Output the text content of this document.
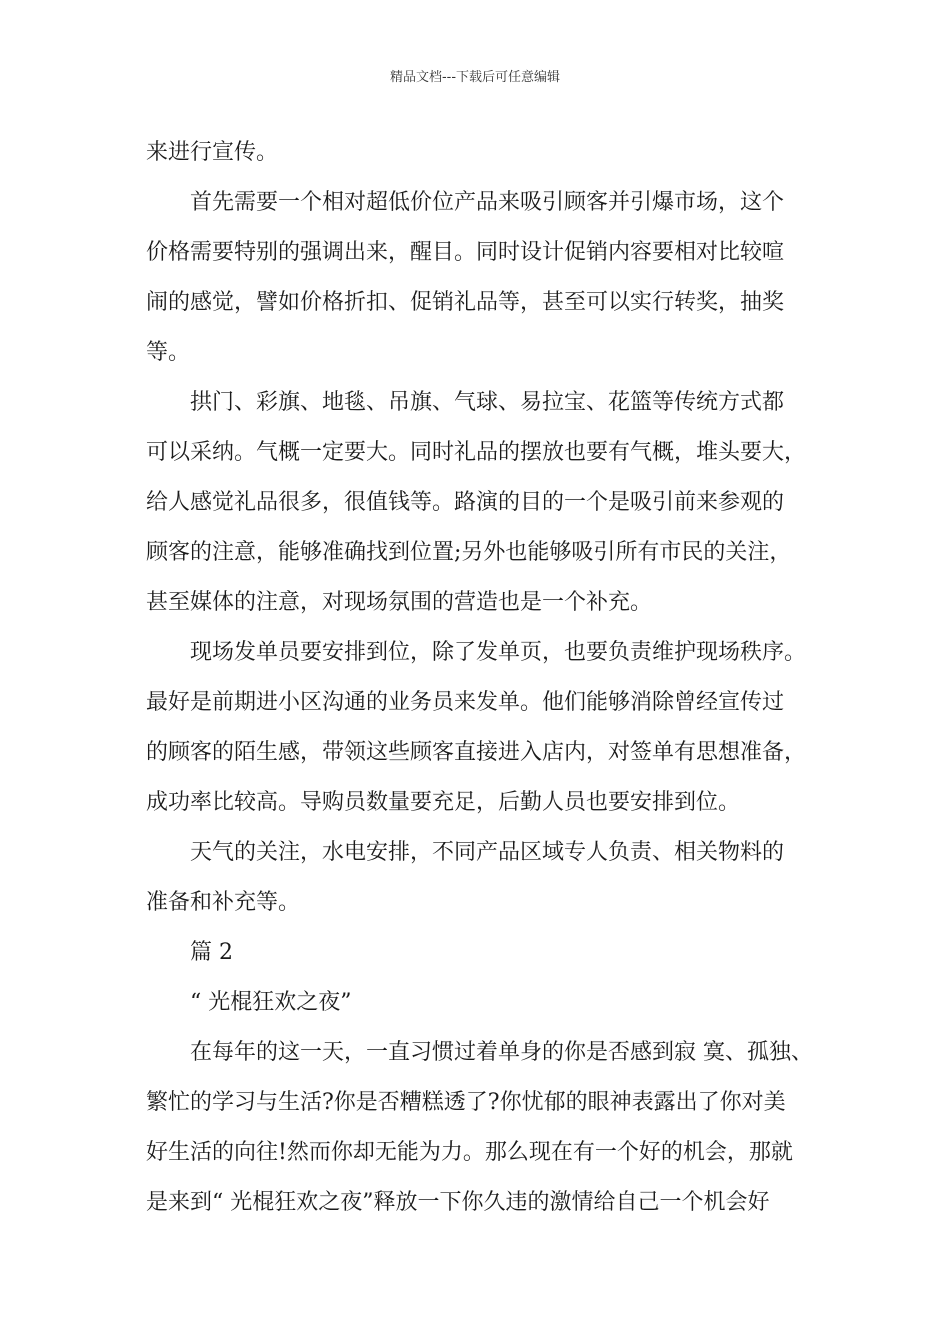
精品文档---下载后可任意编辑

来进行宣传。

首先需要一个相对超低价位产品来吸引顾客并引爆市场，这个
价格需要特别的强调出来，醒目。同时设计促销内容要相对比较喧
闹的感觉，譬如价格折扣、促销礼品等，甚至可以实行转奖，抽奖
等。

拱门、彩旗、地毯、吊旗、气球、易拉宝、花篮等传统方式都
可以采纳。气概一定要大。同时礼品的摆放也要有气概，堆头要大，
给人感觉礼品很多，很值钱等。路演的目的一个是吸引前来参观的
顾客的注意，能够准确找到位置;另外也能够吸引所有市民的关注，
甚至媒体的注意，对现场氛围的营造也是一个补充。

现场发单员要安排到位，除了发单页，也要负责维护现场秩序。
最好是前期进小区沟通的业务员来发单。他们能够消除曾经宣传过
的顾客的陌生感，带领这些顾客直接进入店内，对签单有思想准备，
成功率比较高。导购员数量要充足，后勤人员也要安排到位。

天气的关注，水电安排，不同产品区域专人负责、相关物料的
准备和补充等。

篇 2

“ 光棍狂欢之夜”

在每年的这一天，一直习惯过着单身的你是否感到寂 寞、孤独、
繁忙的学习与生活?你是否糟糕透了?你忧郁的眼神表露出了你对美
好生活的向往!然而你却无能为力。那么现在有一个好的机会，那就
是来到“ 光棍狂欢之夜”释放一下你久违的激情给自己一个机会好
